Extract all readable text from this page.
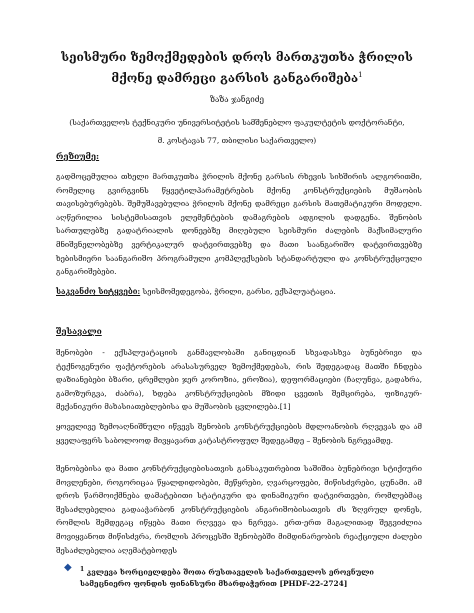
სეისმური ზემოქმედების დროს მართკუთხა ჭრილის მქონე დამრეცი გარსის განგარიშება$^1$
ზაზა ჯანგიძე
(საქართველოს ტექნიკური უნივერსიტეტის სამშენებლო ფაკულტეტის დოქტორანტი,
მ. კოსტავას 77, თბილისი საქართველო)
რეზიუმე:
გადმოცემულია თხელი მართკუთხა ჭრილის მქონე გარსის რხევის სიხშირის ალგორითმი, რომელიც გვირგვინს წყვეტილპარამეტრების მქონე კონსტრუქციების მუშაობის თავისებურებებს. შემუშავებულია ჭრილის მქონე დამრეცი გარსის მათემატიკური მოდელი. აღწერილია სისტემისათვის ელემენტების დამაგრების ადგილის დადგენა. შენობის სართულებზე გადატრიალის დონეებზე მიღებული სეისმური ძალების მაქსიმალური მნიშვნელობებზე ვერტიკალურ დატვირთვებზე და მათი საანგარიშო დატვირთვებზე ხებისმიერი საანგარიშო პროგრამული კომპლექსების სტანდარტული და კონსტრუქციული განგარიშებები.
საკვანძო სიტყვები: სეისმომედეგობა, ჭრილი, გარსი, ექსპლუატაცია.
შესავალი
შენობები - ექსპლუატაციის განმავლობაში განიცდიან სხვადასხვა ბუნებრივი და ტექნოგენური ფაქტორების არასასურველ ზემოქმედებას, რის შედეგადაც მათში ჩნდება დაზიანებები ბზარი, ცრემლები ჯერ კოროზია, ეროზია), დეფორმაციები (ჩაღუნვა, გადახრა, გამოზურგვა, ძაბრა), ხდება კონსტრუქციების მზიდი ცვეთის შემცირება, ფიზიკურ-მექანიკური მახასიათებლებისა და მუშაობის ცვლილება.[1]
ყოველივე ზემოაღნიშნული იწვევს შენობის კონსტრუქციების მდლოანობის რღვევას და ამ ყველაფერს საბოლოოდ მივყავართ კატასტროფულ შედეგამდე – შენობის ნგრევამდე.
შენობებისა და მათი კონსტრუქციებისათვის განსაკუთრებით საშიშია ბუნებრივი სტიქიური მოვლენები, როგორიცაა წყალდიდობები, მეწყრები, ღვარცოფები, მიწისძვრები, ცუნამი. ამ დროს წარმოიქმნება დამატებითი სტატიკური და დინამიკური დატვირთვები, რომლებმაც შესაძლებელია გადააჭარბონ კონსტრუქციების ანგარიშობისათვის ძს ზღვრულ დონეს, რომლის შემდეგაც იწყება მათი რღვევა და ნგრევა. ერთ-ერთ მაგალითად შეგვიძლია მოვიყვანოთ მიწისძვრა, რომლის პროცესში შენობებში მიმდინარეობის რეაქციული ძალები შესაძლებელია აღემატებოდეს
◆ $^1$ კვლევა ხორციელდება შოთა რუსთაველის საქართველოს ეროვნული სამეცნიერო ფონდის ფინანსური მხარდაჭერით [PHDF-22-2724]
